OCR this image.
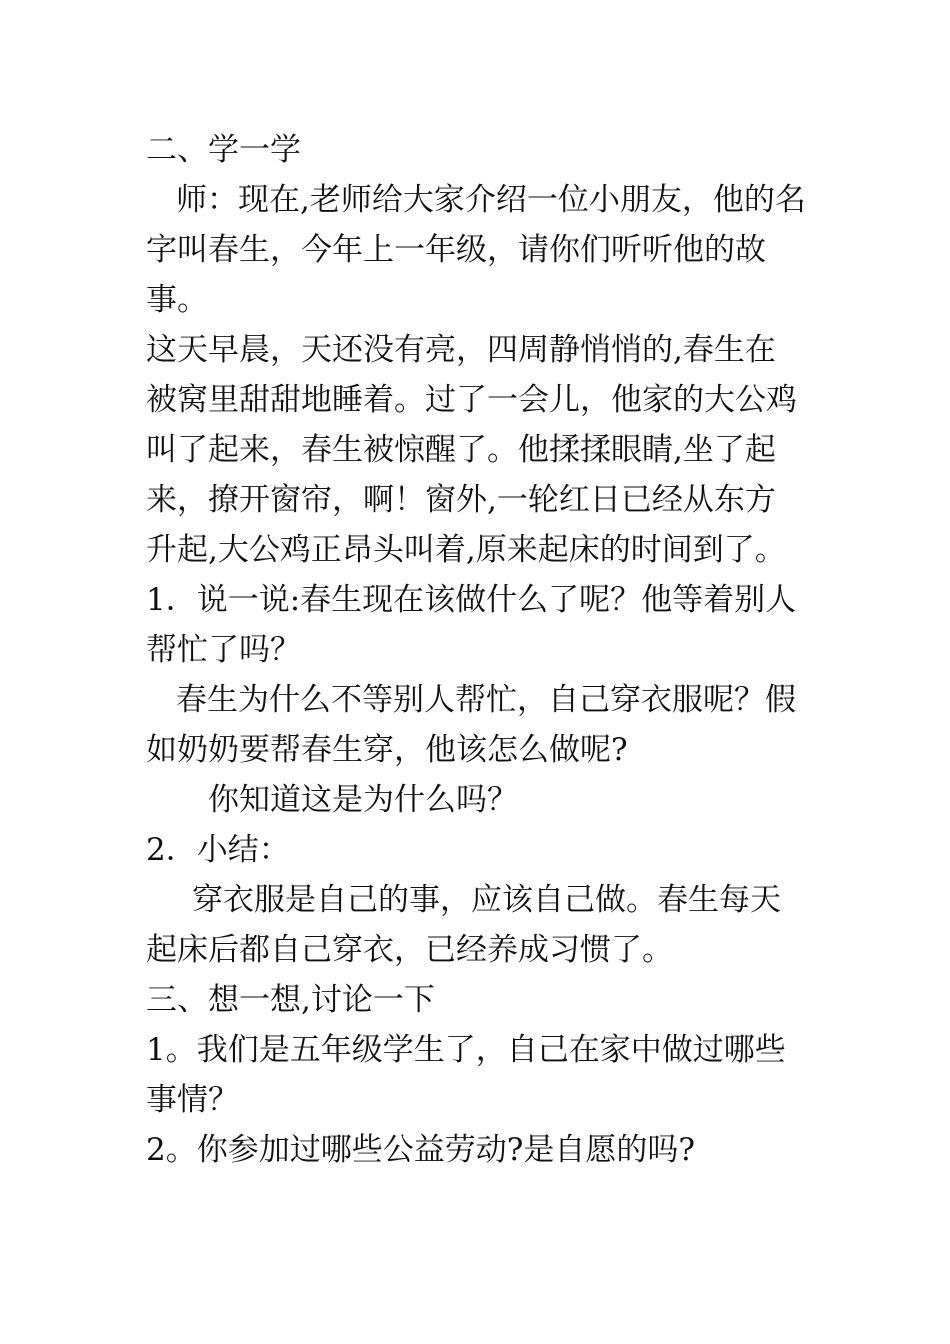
二、学一学

师：现在,老师给大家介绍一位小朋友，他的名字叫春生，今年上一年级，请你们听听他的故事。

这天早晨，天还没有亮，四周静悄悄的,春生在被窝里甜甜地睡着。过了一会儿，他家的大公鸡叫了起来，春生被惊醒了。他揉揉眼睛,坐了起来，撩开窗帘，啊！窗外,一轮红日已经从东方升起,大公鸡正昂头叫着,原来起床的时间到了。

1．说一说:春生现在该做什么了呢？他等着别人帮忙了吗？

春生为什么不等别人帮忙，自己穿衣服呢？假如奶奶要帮春生穿，他该怎么做呢?

你知道这是为什么吗？

2．小结：

穿衣服是自己的事，应该自己做。春生每天起床后都自己穿衣，已经养成习惯了。

三、想一想,讨论一下

1。我们是五年级学生了，自己在家中做过哪些事情？

2。你参加过哪些公益劳动?是自愿的吗?
